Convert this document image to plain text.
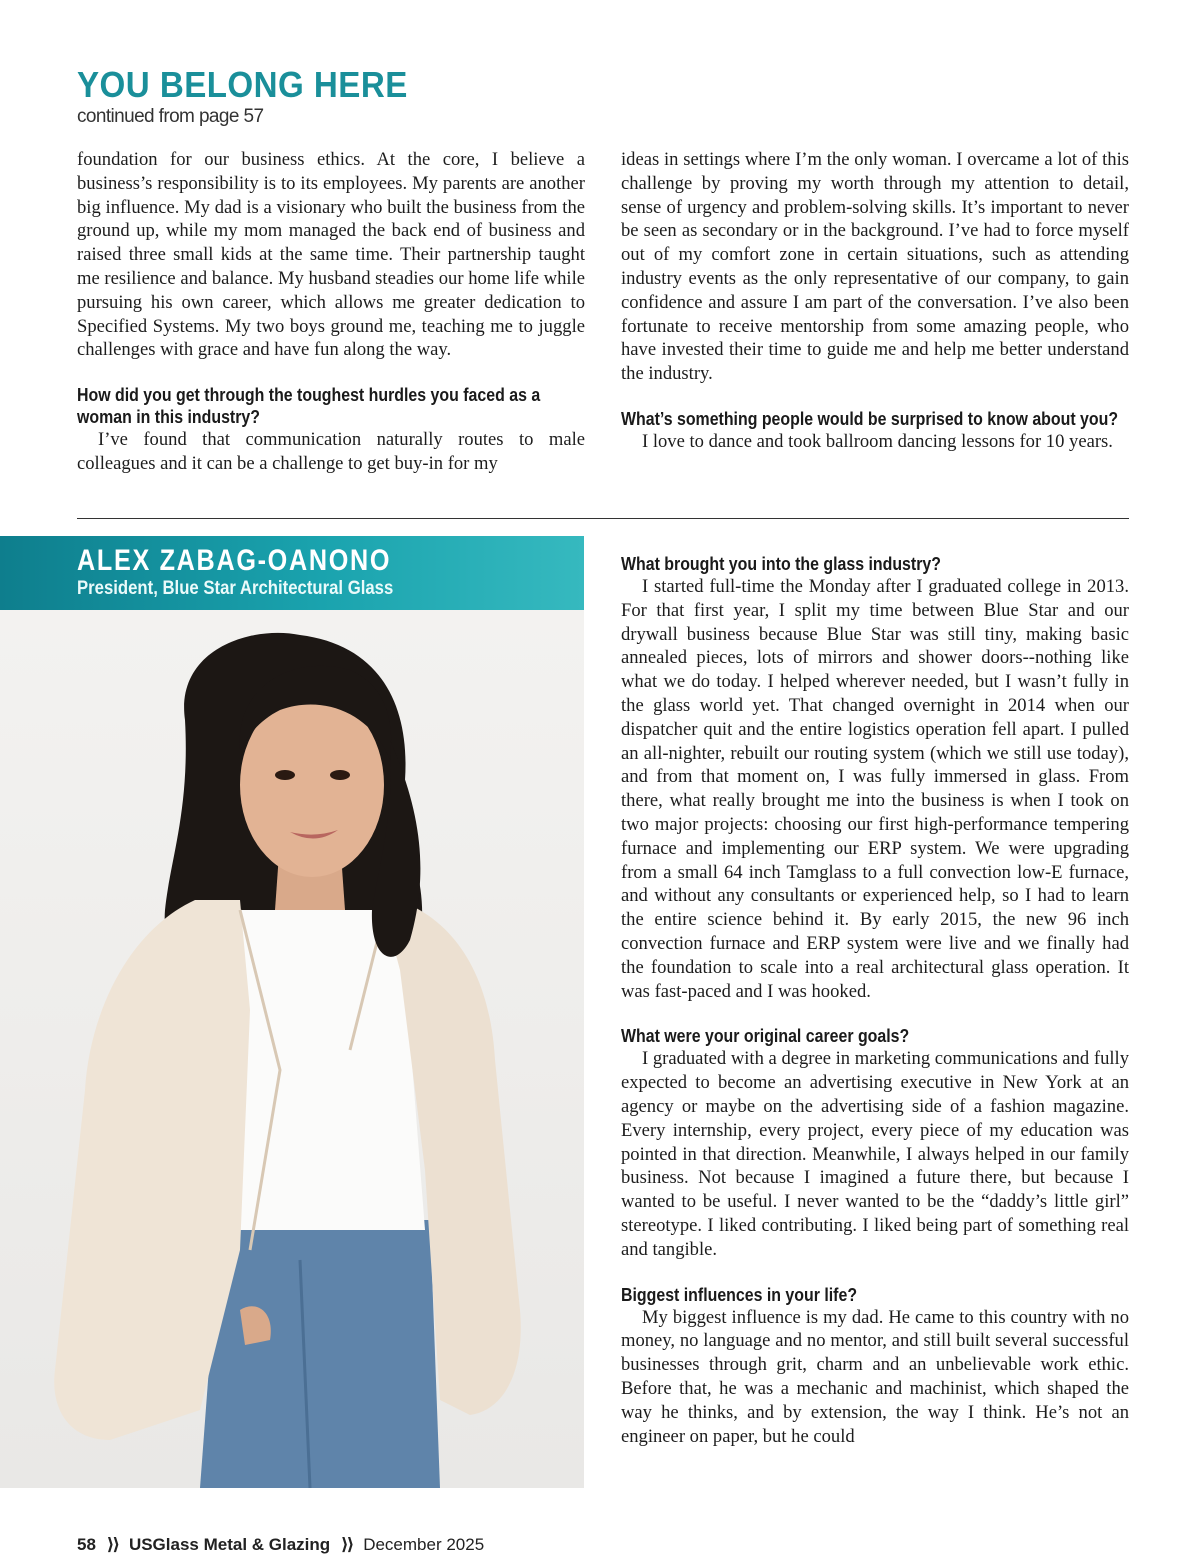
YOU BELONG HERE

continued from page 57

foundation for our business ethics. At the core, I believe a business’s responsibility is to its employees. My parents are another big influence. My dad is a visionary who built the business from the ground up, while my mom managed the back end of business and raised three small kids at the same time. Their partnership taught me resilience and balance. My husband steadies our home life while pursuing his own career, which allows me greater dedication to Specified Systems. My two boys ground me, teaching me to juggle challenges with grace and have fun along the way.

How did you get through the toughest hurdles you faced as a woman in this industry?

I’ve found that communication naturally routes to male colleagues and it can be a challenge to get buy-in for my

ideas in settings where I’m the only woman. I overcame a lot of this challenge by proving my worth through my attention to detail, sense of urgency and problem-solving skills. It’s important to never be seen as secondary or in the background. I’ve had to force myself out of my comfort zone in certain situations, such as attending industry events as the only representative of our company, to gain confidence and assure I am part of the conversation. I’ve also been fortunate to receive mentorship from some amazing people, who have invested their time to guide me and help me better understand the industry.

What’s something people would be surprised to know about you?

I love to dance and took ballroom dancing lessons for 10 years.

ALEX ZABAG-OANONO

President, Blue Star Architectural Glass

What brought you into the glass industry?

I started full-time the Monday after I graduated college in 2013. For that first year, I split my time between Blue Star and our drywall business because Blue Star was still tiny, making basic annealed pieces, lots of mirrors and shower doors--nothing like what we do today. I helped wherever needed, but I wasn’t fully in the glass world yet. That changed overnight in 2014 when our dispatcher quit and the entire logistics operation fell apart. I pulled an all-nighter, rebuilt our routing system (which we still use today), and from that moment on, I was fully immersed in glass. From there, what really brought me into the business is when I took on two major projects: choosing our first high-performance tempering furnace and implementing our ERP system. We were upgrading from a small 64 inch Tamglass to a full convection low-E furnace, and without any consultants or experienced help, so I had to learn the entire science behind it. By early 2015, the new 96 inch convection furnace and ERP system were live and we finally had the foundation to scale into a real architectural glass operation. It was fast-paced and I was hooked.

What were your original career goals?

I graduated with a degree in marketing communications and fully expected to become an advertising executive in New York at an agency or maybe on the advertising side of a fashion magazine. Every internship, every project, every piece of my education was pointed in that direction. Meanwhile, I always helped in our family business. Not because I imagined a future there, but because I wanted to be useful. I never wanted to be the “daddy’s little girl” stereotype. I liked contributing. I liked being part of something real and tangible.

Biggest influences in your life?

My biggest influence is my dad. He came to this country with no money, no language and no mentor, and still built several successful businesses through grit, charm and an unbelievable work ethic. Before that, he was a mechanic and machinist, which shaped the way he thinks, and by extension, the way I think. He’s not an engineer on paper, but he could

58 ⟩⟩ USGlass Metal & Glazing ⟩⟩ December 2025
